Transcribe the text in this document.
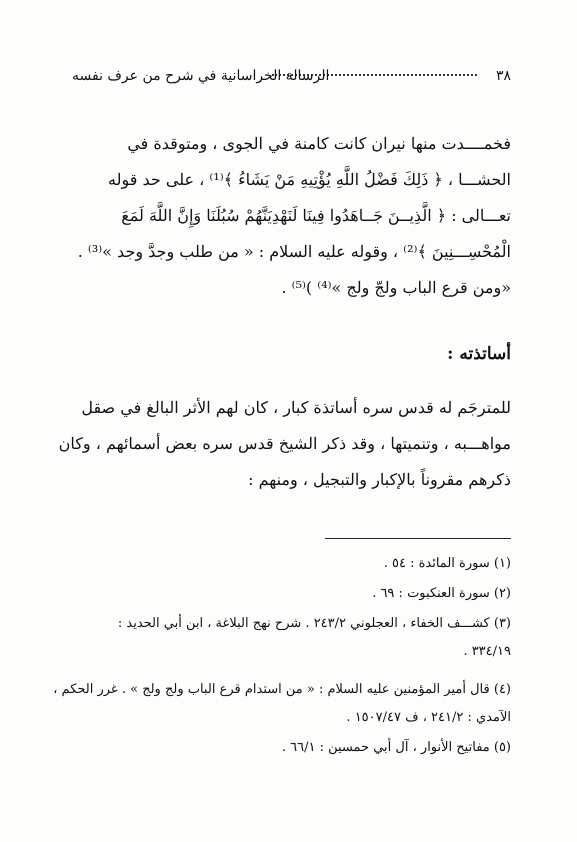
٣٨
الرسالة الخراسانية في شرح من عرف نفسه
فخمــــدت منها نيران كانت كامنة في الجوى ، ومتوقدة في
الحشـــا ، ﴿ ذَلِكَ فَضْلُ اللَّهِ يُؤْتِيهِ مَنْ يَشَاءُ ﴾⁽¹⁾ ، على حد قوله
تعـــالى : ﴿ الَّذِيــنَ جَــاهَدُوا فِينَا لَنَهْدِيَنَّهُمْ سُبُلَنَا وَإِنَّ اللَّهَ لَمَعَ
الْمُحْسِـــنِينَ ﴾⁽²⁾ ، وقوله عليه السلام : « من طلب وجدَّ وجد »⁽³⁾ .
«ومن قرع الباب ولجّ ولج »⁽⁴⁾ )⁽⁵⁾ .
أساتذته :
للمترجَم له قدس سره أساتذة كبار ، كان لهم الأثر البالغ في صقل
مواهـــبه ، وتنميتها ، وقد ذكر الشيخ قدس سره بعض أسمائهم ، وكان
ذكرهم مقروناً بالإكبار والتبجيل ، ومنهم :
(١) سورة المائدة : ٥٤ .
(٢) سورة العنكبوت : ٦٩ .
(٣) كشـــف الخفاء ، العجلوني ٢٤٣/٢ . شرح نهج البلاغة ، ابن أبي الحديد :
٣٣٤/١٩ .
(٤) قال أمير المؤمنين عليه السلام : « من استدام قرع الباب ولج ولج » . غرر الحكم ،
الآمدي : ٢٤١/٢ ، ف ١٥٠٧/٤٧ .
(٥) مفاتيح الأنوار ، آل أبي حمسين : ٦٦/١ .
